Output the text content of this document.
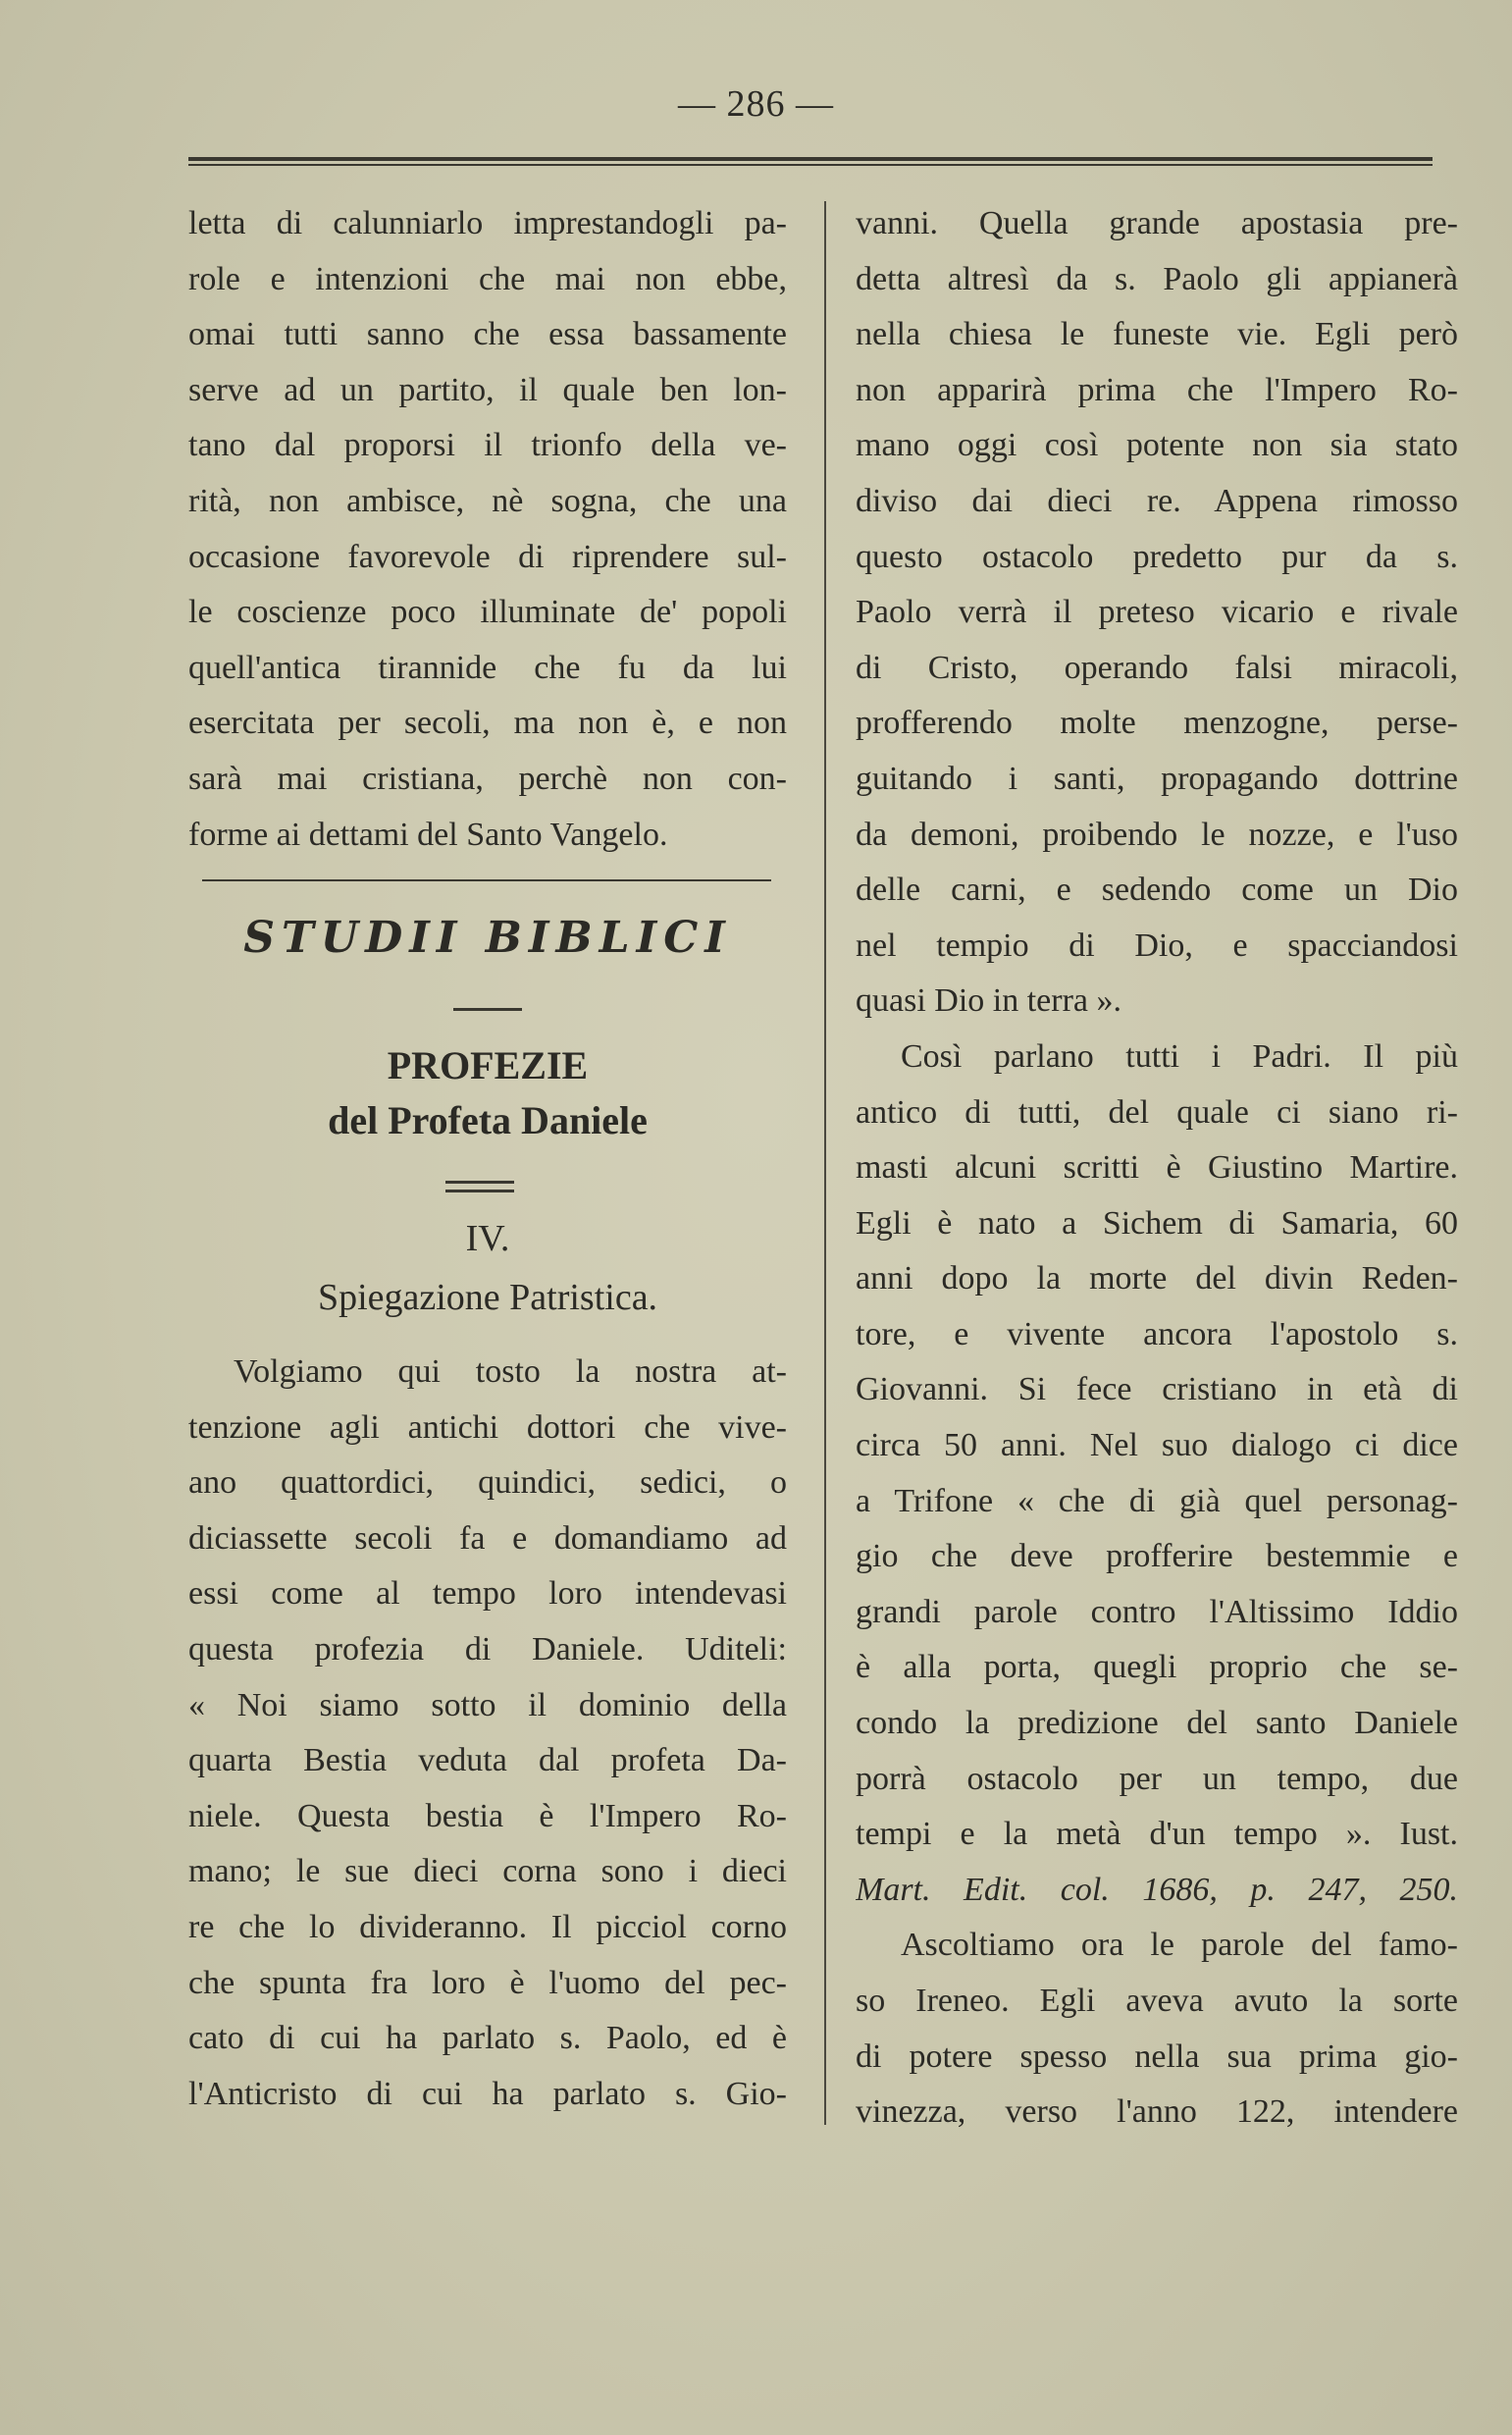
— 286 —
letta di calunniarlo imprestandogli pa-
role e intenzioni che mai non ebbe,
omai tutti sanno che essa bassamente
serve ad un partito, il quale ben lon-
tano dal proporsi il trionfo della ve-
rità, non ambisce, nè sogna, che una
occasione favorevole di riprendere sul-
le coscienze poco illuminate de' popoli
quell'antica tirannide che fu da lui
esercitata per secoli, ma non è, e non
sarà mai cristiana, perchè non con-
forme ai dettami del Santo Vangelo.
STUDII BIBLICI
PROFEZIE
del Profeta Daniele
IV.
Spiegazione Patristica.
Volgiamo qui tosto la nostra at-
tenzione agli antichi dottori che vive-
ano quattordici, quindici, sedici, o
diciassette secoli fa e domandiamo ad
essi come al tempo loro intendevasi
questa profezia di Daniele. Uditeli:
« Noi siamo sotto il dominio della
quarta Bestia veduta dal profeta Da-
niele. Questa bestia è l'Impero Ro-
mano; le sue dieci corna sono i dieci
re che lo divideranno. Il picciol corno
che spunta fra loro è l'uomo del pec-
cato di cui ha parlato s. Paolo, ed è
l'Anticristo di cui ha parlato s. Gio-
vanni. Quella grande apostasia pre-
detta altresì da s. Paolo gli appianerà
nella chiesa le funeste vie. Egli però
non apparirà prima che l'Impero Ro-
mano oggi così potente non sia stato
diviso dai dieci re. Appena rimosso
questo ostacolo predetto pur da s.
Paolo verrà il preteso vicario e rivale
di Cristo, operando falsi miracoli,
profferendo molte menzogne, perse-
guitando i santi, propagando dottrine
da demoni, proibendo le nozze, e l'uso
delle carni, e sedendo come un Dio
nel tempio di Dio, e spacciandosi
quasi Dio in terra ».
Così parlano tutti i Padri. Il più
antico di tutti, del quale ci siano ri-
masti alcuni scritti è Giustino Martire.
Egli è nato a Sichem di Samaria, 60
anni dopo la morte del divin Reden-
tore, e vivente ancora l'apostolo s.
Giovanni. Si fece cristiano in età di
circa 50 anni. Nel suo dialogo ci dice
a Trifone « che di già quel personag-
gio che deve profferire bestemmie e
grandi parole contro l'Altissimo Iddio
è alla porta, quegli proprio che se-
condo la predizione del santo Daniele
porrà ostacolo per un tempo, due
tempi e la metà d'un tempo ». Iust.
Mart. Edit. col. 1686, p. 247, 250.
Ascoltiamo ora le parole del famo-
so Ireneo. Egli aveva avuto la sorte
di potere spesso nella sua prima gio-
vinezza, verso l'anno 122, intendere
